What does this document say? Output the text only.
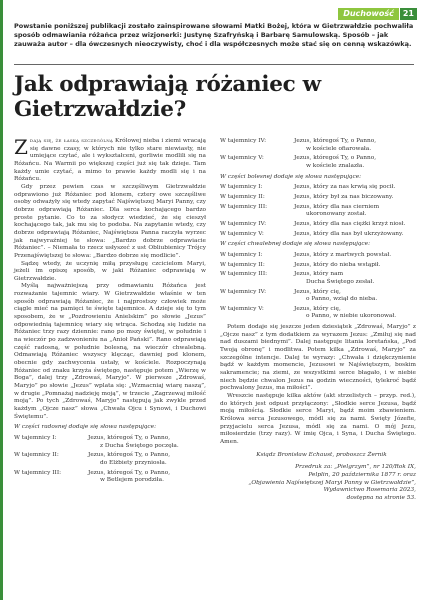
Duchowość	21
Powstanie poniższej publikacji zostało zainspirowane słowami Matki Bożej, która w Gietrzwałdzie pochwaliła sposób odmawiania różańca przez wizjonerki: Justynę Szafryńską i Barbarę Samulowską. Sposób – jak zauważa autor – dla ówczesnych nieoczywisty, choć i dla współczesnych może stać się on cenną wskazówką.
Jak odprawiają różaniec w Gietrzwałdzie?

Zdają się, że łaską szczególną Królowej nieba i ziemi wracają się dawne czasy, w których nie tylko stare niewiasty, nie umiejące czytać, ale i wykształceni, gorliwie modlili się na Różańcu. Na Warmii po większej części już się tak dzieje. Tam każdy umie czytać, a mimo to prawie każdy modli się i na Różańcu.

Gdy przez pewien czas w szczęśliwym Gietrzwałdzie odprawiono już Różaniec pod klonem, cztery owe szczęśliwe osoby odważyły się wtedy zapytać Najświętszej Maryi Panny, czy dobrze odprawiają Różaniec. Dla serca kochającego bardzo proste pytanie. Co to za słodycz wiedzieć, że się cieszył kochającego tak, jak mu się to podoba. Na zapytanie wtedy, czy dobrze odprawiają Różaniec, Najświętsza Panna raczyła wyrzec jak najwyraźniej te słowa: „Bardzo dobrze odprawiacie Różaniec”. – Niemała to rzecz usłyszeć z ust Obliubienicy Trójcy Przenajświętszej te słowa: „Bardzo dobrze się modlicie”.

Sądzę wtedy, że uczynię miłą przysługę czcicielom Maryi, jeżeli im opiszę sposób, w jaki Różaniec odprawiają w Gietrzwałdzie.

Myślą najważniejszą przy odmawianiu Różańca jest rozważanie tajemnic wiary. W Gietrzwałdzie właśnie w ten sposób odprawiają Różaniec, że i najprostszy człowiek może ciągle mieć na pamięci te święte tajemnice. A dzieje się to tym sposobem, że w „Pozdrowieniu Anielskim” po słowie „Jezus” odpowiednią tajemnicę wiary się wtrąca. Schodzą się ludzie na Różaniec trzy razy dziennie: rano po mszy świętej, w południe i na wieczór po zadzwonieniu na „Anioł Pański”. Rano odprawiają część radosną, w południe bolesną, na wieczór chwalebną. Odmawiają Różaniec wszyscy klęcząc, dawniej pod klonem, obecnie gdy zachwycenia ustały, w kościele. Rozpoczynają Różaniec od znaku krzyża świętego, następuje potem „Wierzę w Boga”, dalej trzy „Zdrowaś, Maryjo”. W pierwsze „Zdrowaś, Maryjo” po słowie „Jezus” wplata się: „Wzmacniaj wiarę naszą”, w drugie „Pomnażaj nadzieję moją”, w trzecie „Zagrzewaj miłość moją”. Po tych „Zdrowaś, Maryjo” następują jak zwykle przed każdym „Ojcze nasz” słowa „Chwała Ojcu i Synowi, i Duchowi Świętemu”.

W części radosnej dodaje się słowa następujące:

W tajemnicy I:	Jezus, któregoś Ty, o Panno,
z Ducha Świętego poczęła.
W tajemnicy II:	Jezus, któregoś Ty, o Panno,
do Elżbiety przyniosła.
W tajemnicy III:	Jezus, któregoś Ty, o Panno,
w Betlejem porodziła.
W tajemnicy IV:	Jezus, któregoś Ty, o Panno,
w kościele ofiarowała.
W tajemnicy V:	Jezus, któregoś Ty, o Panno,
w kościele znalazła.

W części bolesnej dodaje się słowa następujące:

W tajemnicy I:	Jezus, który za nas krwią się pocił.
W tajemnicy II:	Jezus, który był za nas biczowany.
W tajemnicy III:	Jezus, który dla nas cierniem
ukoronowany został.
W tajemnicy IV:	Jezus, który dla nas ciężki krzyż niosł.
W tajemnicy V:	Jezus, który dla nas był ukrzyżowany.

W części chwalebnej dodaje się słowa następujące:

W tajemnicy I:	Jezus, który z martwych powstał.
W tajemnicy II:	Jezus, który do nieba wstąpił.
W tajemnicy III:	Jezus, który nam
Ducha Świętego zesłał.
W tajemnicy IV:	Jezus, który cię,
o Panno, wziął do nieba.
W tajemnicy V:	Jezus, który cię,
o Panno, w niebie ukoronował.

Potem dodaje się jeszcze jeden dziesiątek „Zdrowaś, Maryjo” z „Ojcze nasz” z tym dodatkiem za wyrazem Jezus: „Zmiłuj się nad nad duszami biednymi”. Dalej następuje litania loretańska, „Pod Twoją obronę” i modlitwa. Potem kilka „Zdrowaś, Maryjo” za szczególne intencje. Dalej te wyrazy: „Chwała i dziękczynienie bądź w każdym momencie, Jezusowi w Najświętszym, boskim sakramencie; na ziemi, ze wszystkimi serce błagało, i w niebie niech będzie chwalon Jezus na godzin wieczności, tylekroć bądź pochwalony Jezus, ma miłości”.

Wreszcie następuje kilka aktów (akt strzelistych – przyp. red.), do których jest odpust przyłączony: „Słodkie serce Jezusa, bądź moją miłością. Słodkie serce Maryi, bądź moim zbawieniem. Królowa serca Jezusowego, módl się za nami. Święty Józefie, przyjacielu serca Jezusa, módl się za nami. O mój Jezu, miłosierdzie (trzy razy). W imię Ojca, i Syna, i Ducha Świętego. Amen.

Ksiądz Bronisław Echaust, proboszcz Żernik

Przedruk za: „Pielgrzym”, nr 120/Rok IX,
Pelplin, 20 października 1877 r. oraz
„Objawienia Najświętszej Maryi Panny w Gietrzwałdzie”,
Wydawnictwo Rosemaria 2023,
dostępna na stronie 53.
